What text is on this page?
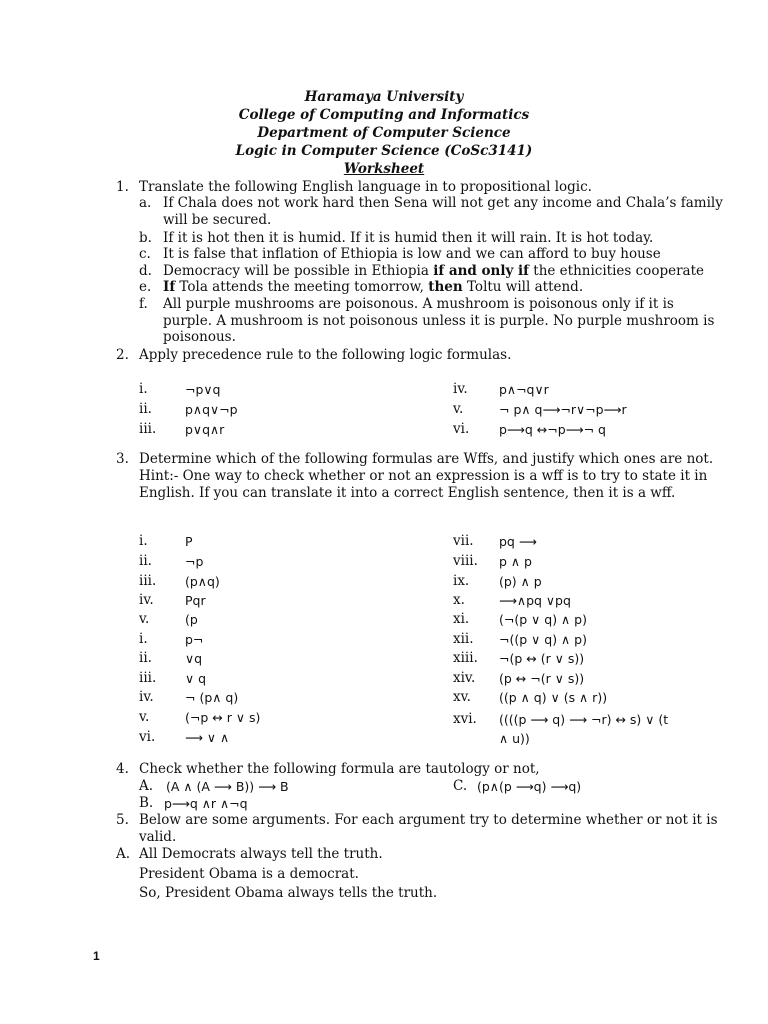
Haramaya University
College of Computing and Informatics
Department of Computer Science
Logic in Computer Science (CoSc3141)
Worksheet
1. Translate the following English language in to propositional logic.
a. If Chala does not work hard then Sena will not get any income and Chala’s family
will be secured.
b. If it is hot then it is humid. If it is humid then it will rain. It is hot today.
c. It is false that inflation of Ethiopia is low and we can afford to buy house
d. Democracy will be possible in Ethiopia if and only if the ethnicities cooperate
e. If Tola attends the meeting tomorrow, then Toltu will attend.
f. All purple mushrooms are poisonous. A mushroom is poisonous only if it is
purple. A mushroom is not poisonous unless it is purple. No purple mushroom is
poisonous.
2. Apply precedence rule to the following logic formulas.
i.	¬p∨q
ii.	p∧q∨¬p
iii. p∨q∧r
iv.	p∧¬q∨r
v.	¬ p∧ q⟶¬r∨¬p⟶r
vi. p⟶q ↔¬p⟶¬ q
3. Determine which of the following formulas are Wffs, and justify which ones are not.
Hint:- One way to check whether or not an expression is a wff is to try to state it in
English. If you can translate it into a correct English sentence, then it is a wff.
i.	P
ii.	¬p
iii. (p∧q)
iv.	Pqr
v.	(p
i.	p¬
ii.	∨q
iii. ∨ q
iv.	¬ (p∧ q)
v.	(¬p ↔ r ∨ s)
vi. ⟶ ∨ ∧
vii. pq ⟶
viii. p ∧ p
ix. (p) ∧ p
x.	⟶∧pq ∨pq
xi. (¬(p ∨ q) ∧ p)
xii. ¬((p ∨ q) ∧ p)
xiii. ¬(p ↔ (r ∨ s))
xiv. (p ↔ ¬(r ∨ s))
xv. ((p ∧ q) ∨ (s ∧ r))
xvi. ((((p ⟶ q) ⟶ ¬r) ↔ s) ∨ (t
∧ u))
4. Check whether the following formula are tautology or not,
A. (A ∧ (A ⟶ B)) ⟶ B	C. (p∧(p ⟶q) ⟶q)
B. p⟶q ∧r ∧¬q
5. Below are some arguments. For each argument try to determine whether or not it is
valid.
A. All Democrats always tell the truth.
President Obama is a democrat.
So, President Obama always tells the truth.
1
